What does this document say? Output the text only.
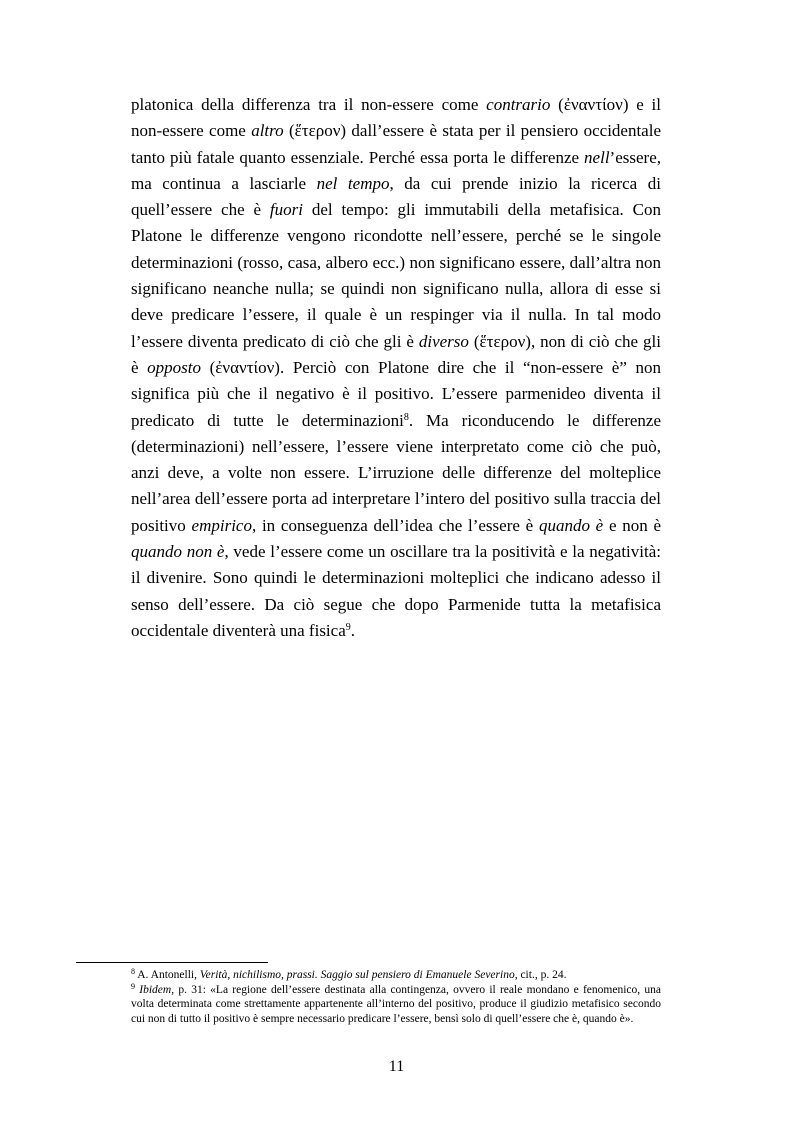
platonica della differenza tra il non-essere come contrario (ἐναντίον) e il non-essere come altro (ἕτερον) dall’essere è stata per il pensiero occidentale tanto più fatale quanto essenziale. Perché essa porta le differenze nell’essere, ma continua a lasciarle nel tempo, da cui prende inizio la ricerca di quell’essere che è fuori del tempo: gli immutabili della metafisica. Con Platone le differenze vengono ricondotte nell’essere, perché se le singole determinazioni (rosso, casa, albero ecc.) non significano essere, dall’altra non significano neanche nulla; se quindi non significano nulla, allora di esse si deve predicare l’essere, il quale è un respinger via il nulla. In tal modo l’essere diventa predicato di ciò che gli è diverso (ἕτερον), non di ciò che gli è opposto (ἐναντίον). Perciò con Platone dire che il “non-essere è” non significa più che il negativo è il positivo. L’essere parmenideo diventa il predicato di tutte le determinazioni$^8$. Ma riconducendo le differenze (determinazioni) nell’essere, l’essere viene interpretato come ciò che può, anzi deve, a volte non essere. L’irruzione delle differenze del molteplice nell’area dell’essere porta ad interpretare l’intero del positivo sulla traccia del positivo empirico, in conseguenza dell’idea che l’essere è quando è e non è quando non è, vede l’essere come un oscillare tra la positività e la negatività: il divenire. Sono quindi le determinazioni molteplici che indicano adesso il senso dell’essere. Da ciò segue che dopo Parmenide tutta la metafisica occidentale diventerà una fisica$^9$.

$^8$ A. Antonelli, Verità, nichilismo, prassi. Saggio sul pensiero di Emanuele Severino, cit., p. 24.

$^9$ Ibidem, p. 31: «La regione dell’essere destinata alla contingenza, ovvero il reale mondano e fenomenico, una volta determinata come strettamente appartenente all’interno del positivo, produce il giudizio metafisico secondo cui non di tutto il positivo è sempre necessario predicare l’essere, bensì solo di quell’essere che è, quando è».

11
